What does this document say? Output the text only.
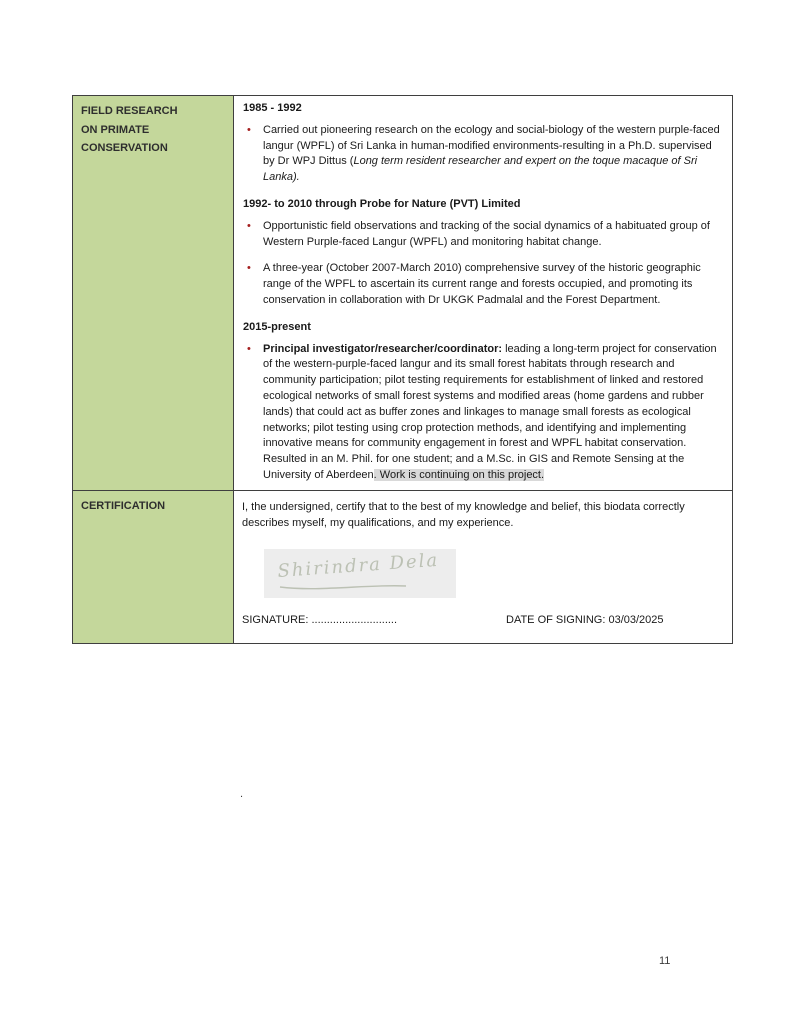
FIELD RESEARCH
ON PRIMATE
CONSERVATION
1985 - 1992
•	Carried out pioneering research on the ecology and social-biology of the western purple-faced langur (WPFL) of Sri Lanka in human-modified environments-resulting in a Ph.D. supervised by Dr WPJ Dittus (Long term resident researcher and expert on the toque macaque of Sri Lanka).
1992- to 2010 through Probe for Nature (PVT) Limited
•	Opportunistic field observations and tracking of the social dynamics of a habituated group of Western Purple-faced Langur (WPFL) and monitoring habitat change.
•	A three-year (October 2007-March 2010) comprehensive survey of the historic geographic range of the WPFL to ascertain its current range and forests occupied, and promoting its conservation in collaboration with Dr UKGK Padmalal and the Forest Department.
2015-present
•	Principal investigator/researcher/coordinator: leading a long-term project for conservation of the western-purple-faced langur and its small forest habitats through research and community participation; pilot testing requirements for establishment of linked and restored ecological networks of small forest systems and modified areas (home gardens and rubber lands) that could act as buffer zones and linkages to manage small forests as ecological networks; pilot testing using crop protection methods, and identifying and implementing innovative means for community engagement in forest and WPFL habitat conservation. Resulted in an M. Phil. for one student; and a M.Sc. in GIS and Remote Sensing at the University of Aberdeen. Work is continuing on this project.
CERTIFICATION	I, the undersigned, certify that to the best of my knowledge and belief, this biodata correctly describes myself, my qualifications, and my experience.
Shirindra Dela
SIGNATURE: ............................	DATE OF SIGNING: 03/03/2025
.
11
